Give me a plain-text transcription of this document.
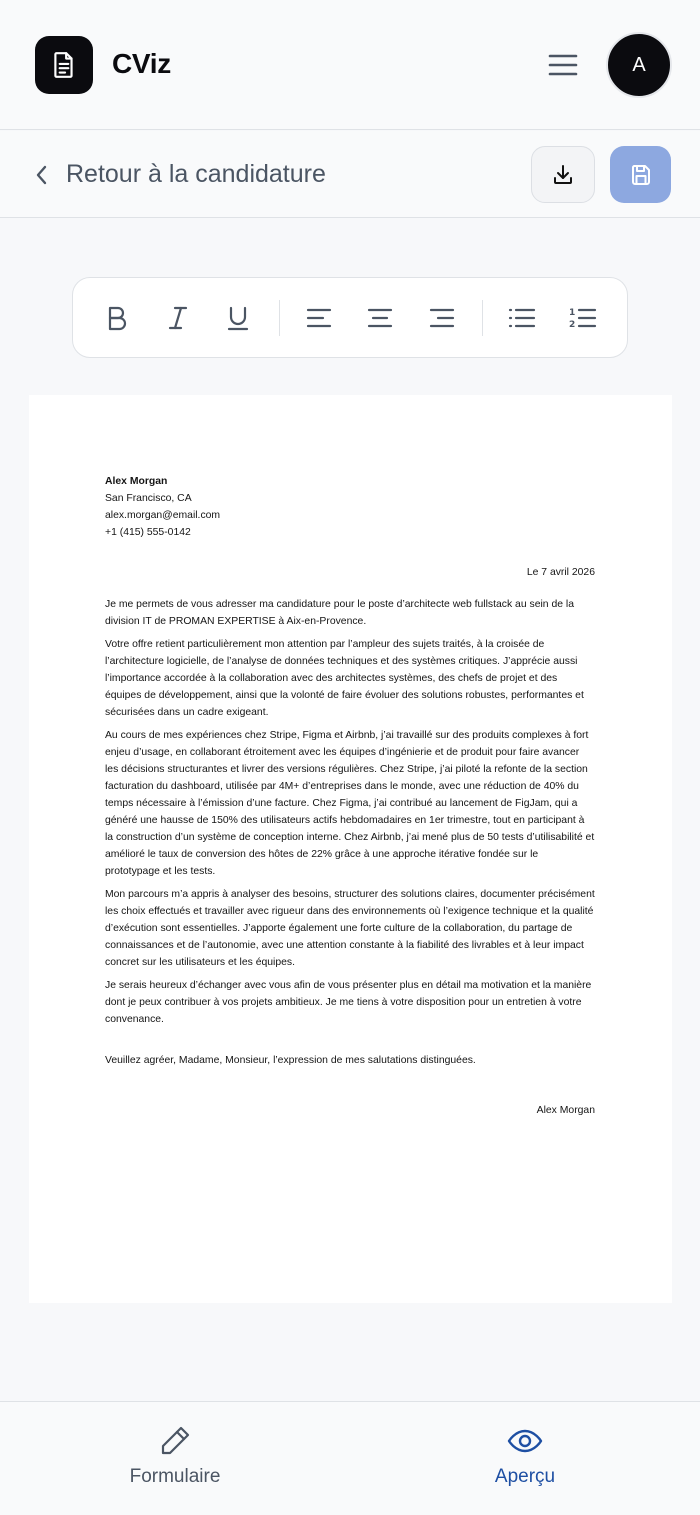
CViz	A
Retour à la candidature
1
2
Alex Morgan
San Francisco, CA
alex.morgan@email.com
+1 (415) 555-0142
Le 7 avril 2026

Je me permets de vous adresser ma candidature pour le poste d’architecte web fullstack au sein de la division IT de PROMAN EXPERTISE à Aix-en-Provence.

Votre offre retient particulièrement mon attention par l’ampleur des sujets traités, à la croisée de l’architecture logicielle, de l’analyse de données techniques et des systèmes critiques. J’apprécie aussi l’importance accordée à la collaboration avec des architectes systèmes, des chefs de projet et des équipes de développement, ainsi que la volonté de faire évoluer des solutions robustes, performantes et sécurisées dans un cadre exigeant.

Au cours de mes expériences chez Stripe, Figma et Airbnb, j’ai travaillé sur des produits complexes à fort enjeu d’usage, en collaborant étroitement avec les équipes d’ingénierie et de produit pour faire avancer les décisions structurantes et livrer des versions régulières. Chez Stripe, j’ai piloté la refonte de la section facturation du dashboard, utilisée par 4M+ d’entreprises dans le monde, avec une réduction de 40% du temps nécessaire à l’émission d’une facture. Chez Figma, j’ai contribué au lancement de FigJam, qui a généré une hausse de 150% des utilisateurs actifs hebdomadaires en 1er trimestre, tout en participant à la construction d’un système de conception interne. Chez Airbnb, j’ai mené plus de 50 tests d’utilisabilité et amélioré le taux de conversion des hôtes de 22% grâce à une approche itérative fondée sur le prototypage et les tests.

Mon parcours m’a appris à analyser des besoins, structurer des solutions claires, documenter précisément les choix effectués et travailler avec rigueur dans des environnements où l’exigence technique et la qualité d’exécution sont essentielles. J’apporte également une forte culture de la collaboration, du partage de connaissances et de l’autonomie, avec une attention constante à la fiabilité des livrables et à leur impact concret sur les utilisateurs et les équipes.

Je serais heureux d’échanger avec vous afin de vous présenter plus en détail ma motivation et la manière dont je peux contribuer à vos projets ambitieux. Je me tiens à votre disposition pour un entretien à votre convenance.

Veuillez agréer, Madame, Monsieur, l’expression de mes salutations distinguées.
Alex Morgan
Formulaire	Aperçu
